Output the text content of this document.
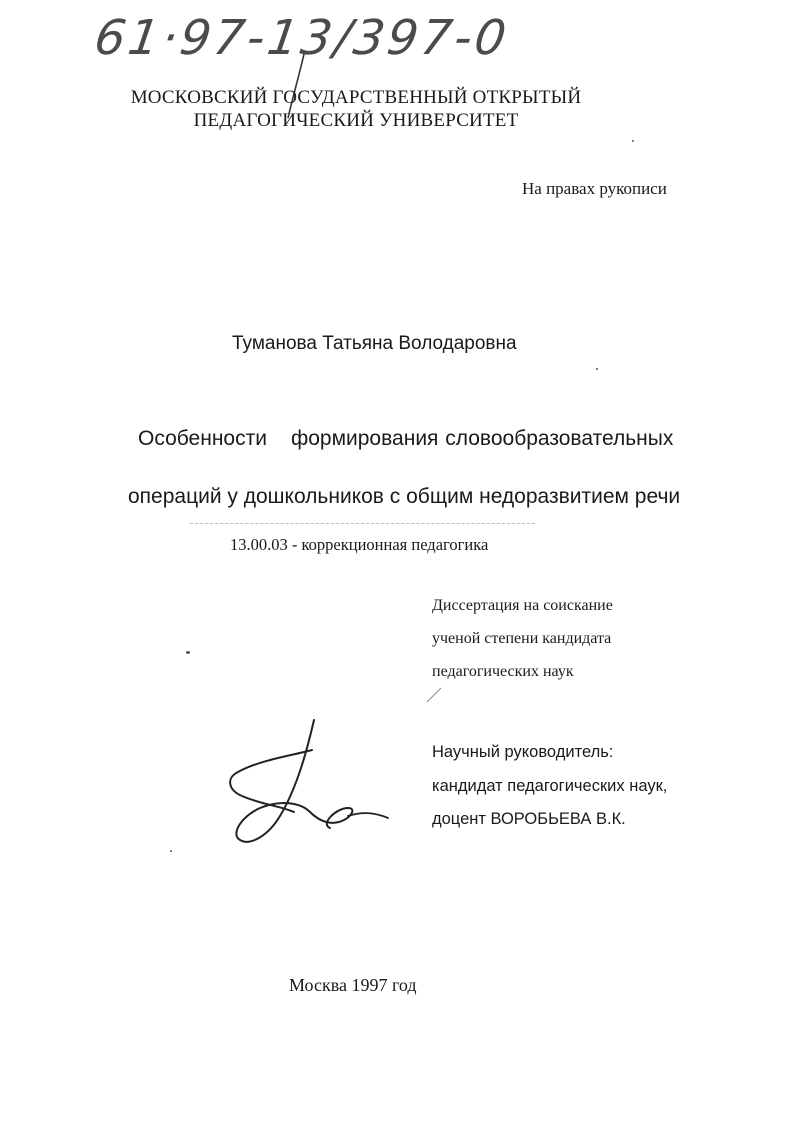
61·97-13/397-0
МОСКОВСКИЙ ГОСУДАРСТВЕННЫЙ ОТКРЫТЫЙ
ПЕДАГОГИЧЕСКИЙ УНИВЕРСИТЕТ
На правах рукописи
Туманова Татьяна Володаровна
Особенности формирования словообразовательных
операций у дошкольников с общим недоразвитием речи
13.00.03 - коррекционная педагогика
Диссертация на соискание
ученой степени кандидата
педагогических наук
Научный руководитель:
кандидат педагогических наук,
доцент ВОРОБЬЕВА В.К.
Москва 1997 год
